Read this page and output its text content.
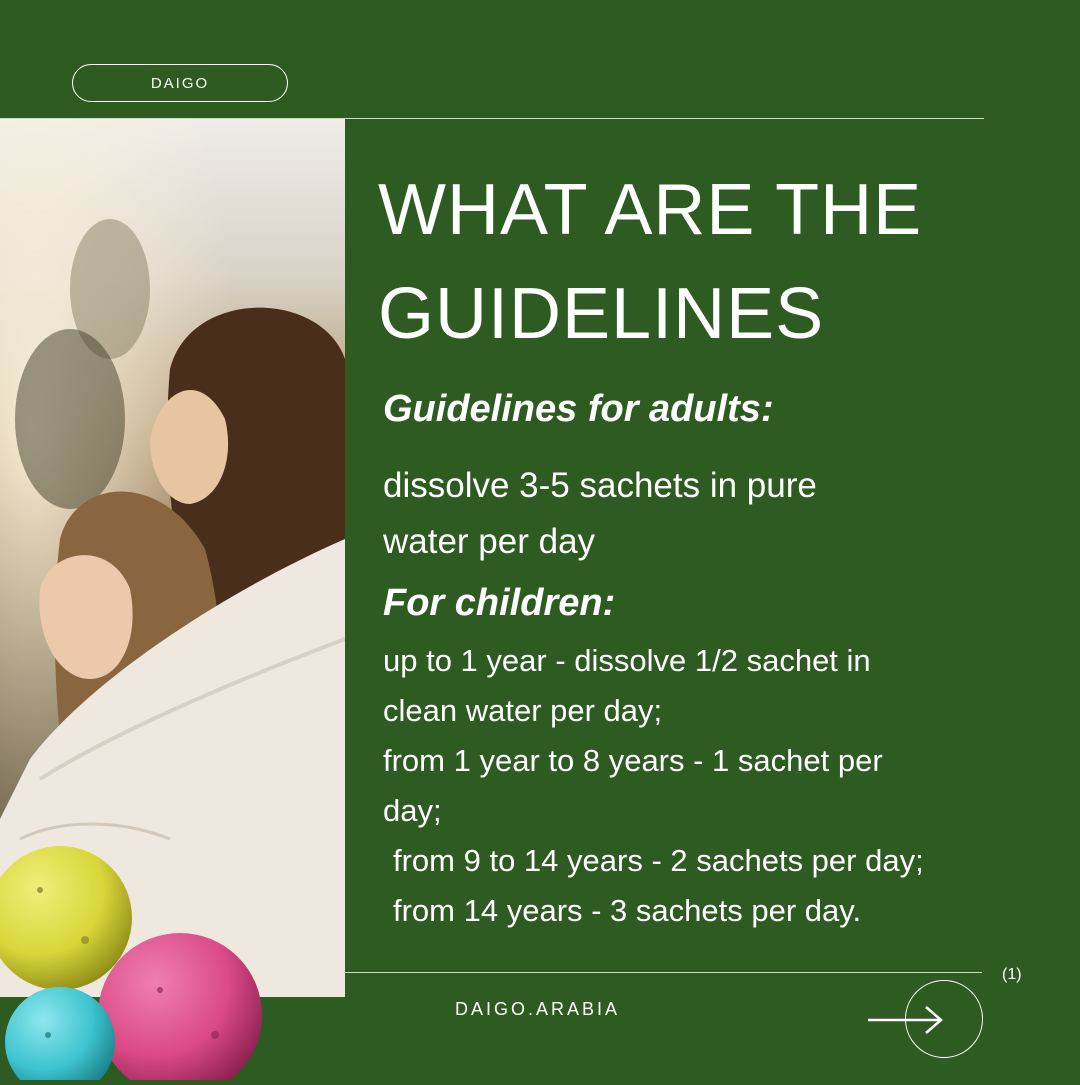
DAIGO
WHAT ARE THE
GUIDELINES
Guidelines for adults:

dissolve 3-5 sachets in pure
water per day

For children:
up to 1 year - dissolve 1/2 sachet in
clean water per day;
from 1 year to 8 years - 1 sachet per
day;
from 9 to 14 years - 2 sachets per day;
from 14 years - 3 sachets per day.
DAIGO.ARABIA
(1)
